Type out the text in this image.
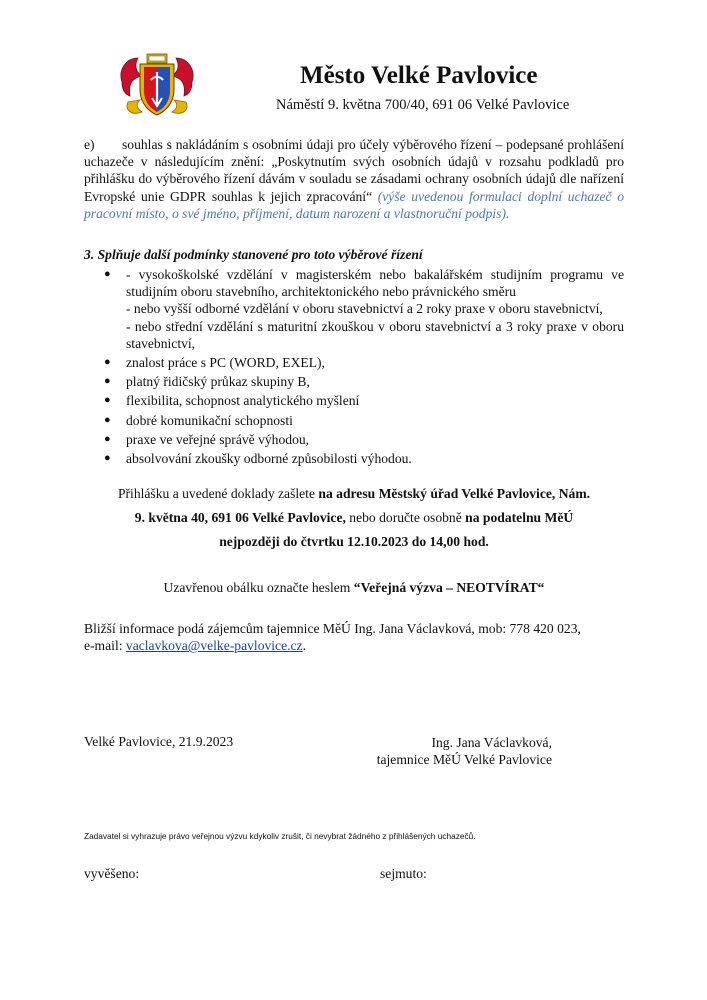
Město Velké Pavlovice
Náměstí 9. května 700/40, 691 06 Velké Pavlovice
e) souhlas s nakládáním s osobními údaji pro účely výběrového řízení – podepsané prohlášení uchazeče v následujícím znění: „Poskytnutím svých osobních údajů v rozsahu podkladů pro přihlášku do výběrového řízení dávám v souladu se zásadami ochrany osobních údajů dle nařízení Evropské unie GDPR souhlas k jejich zpracování“ (výše uvedenou formulaci doplní uchazeč o pracovní místo, o své jméno, příjmení, datum narození a vlastnoruční podpis).
3. Splňuje další podmínky stanovené pro toto výběrové řízení
● - vysokoškolské vzdělání v magisterském nebo bakalářském studijním programu ve studijním oboru stavebního, architektonického nebo právnického směru
- nebo vyšší odborné vzdělání v oboru stavebnictví a 2 roky praxe v oboru stavebnictví,
- nebo střední vzdělání s maturitní zkouškou v oboru stavebnictví a 3 roky praxe v oboru stavebnictví,
● znalost práce s PC (WORD, EXEL),
● platný řidičský průkaz skupiny B,
● flexibilita, schopnost analytického myšlení
● dobré komunikační schopnosti
● praxe ve veřejné správě výhodou,
● absolvování zkoušky odborné způsobilosti výhodou.
Přihlášku a uvedené doklady zašlete na adresu Městský úřad Velké Pavlovice, Nám.
9. května 40, 691 06 Velké Pavlovice, nebo doručte osobně na podatelnu MěÚ
nejpozději do čtvrtku 12.10.2023 do 14,00 hod.
Uzavřenou obálku označte heslem “Veřejná výzva – NEOTVÍRAT“
Bližší informace podá zájemcům tajemnice MěÚ Ing. Jana Václavková, mob: 778 420 023,
e-mail: vaclavkova@velke-pavlovice.cz.
Velké Pavlovice, 21.9.2023	Ing. Jana Václavková,
tajemnice MěÚ Velké Pavlovice
Zadavatel si vyhrazuje právo veřejnou výzvu kdykoliv zrušit, či nevybrat žádného z přihlášených uchazečů.
vyvěšeno:	sejmuto:
